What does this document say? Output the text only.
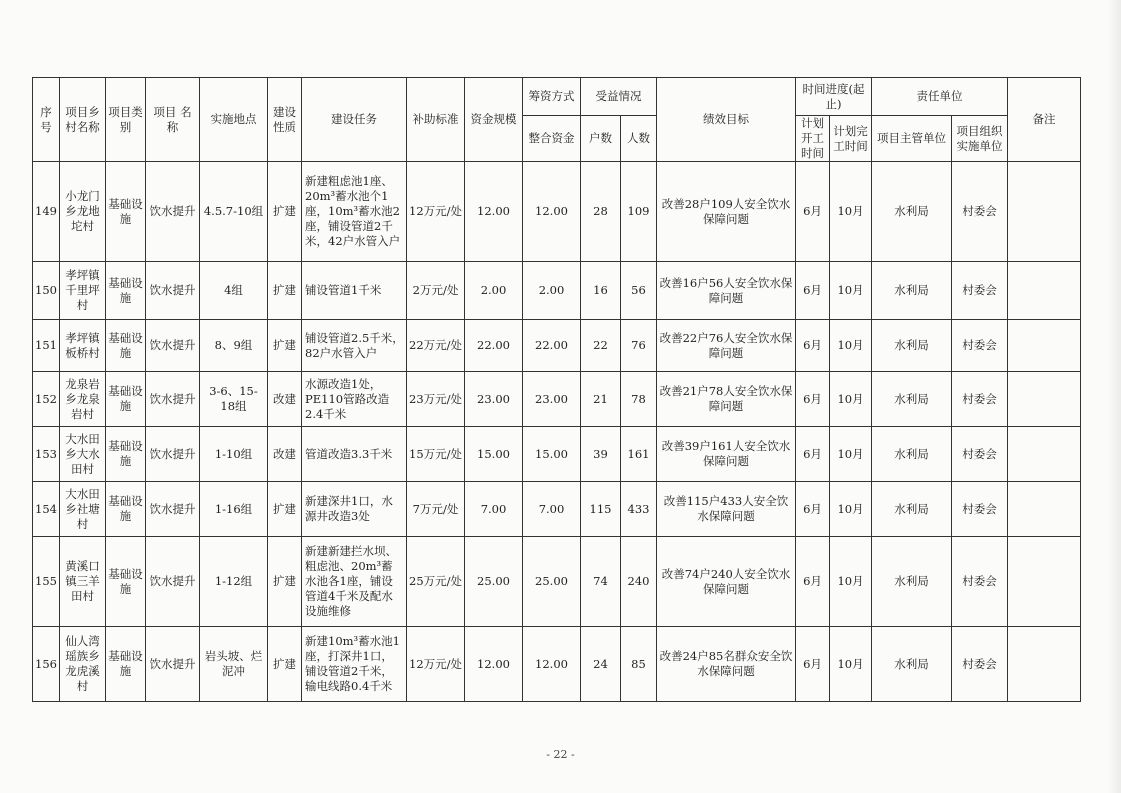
序号	项目乡村名称	项目类别	项目 名称	实施地点	建设性质	建设任务	补助标准	资金规模	筹资方式	受益情况		绩效目标	时间进度(起止)		责任单位		备注
									整合资金	户数	人数		计划开工时间	计划完工时间	项目主管单位	项目组织实施单位	
149	小龙门乡龙地坨村	基础设施	饮水提升	4.5.7-10组	扩建	新建粗虑池1座、20m³蓄水池个1座，10m³蓄水池2座，铺设管道2千米，42户水管入户	12万元/处	12.00	12.00	28	109	改善28户109人安全饮水保障问题	6月	10月	水利局	村委会	
150	孝坪镇千里坪村	基础设施	饮水提升	4组	扩建	铺设管道1千米	2万元/处	2.00	2.00	16	56	改善16户56人安全饮水保障问题	6月	10月	水利局	村委会	
151	孝坪镇板桥村	基础设施	饮水提升	8、9组	扩建	铺设管道2.5千米，82户水管入户	22万元/处	22.00	22.00	22	76	改善22户76人安全饮水保障问题	6月	10月	水利局	村委会	
152	龙泉岩乡龙泉岩村	基础设施	饮水提升	3-6、15-18组	改建	水源改造1处，PE110管路改造2.4千米	23万元/处	23.00	23.00	21	78	改善21户78人安全饮水保障问题	6月	10月	水利局	村委会	
153	大水田乡大水田村	基础设施	饮水提升	1-10组	改建	管道改造3.3千米	15万元/处	15.00	15.00	39	161	改善39户161人安全饮水保障问题	6月	10月	水利局	村委会	
154	大水田乡社塘村	基础设施	饮水提升	1-16组	扩建	新建深井1口，水源井改造3处	7万元/处	7.00	7.00	115	433	改善115户433人安全饮水保障问题	6月	10月	水利局	村委会	
155	黄溪口镇三羊田村	基础设施	饮水提升	1-12组	扩建	新建新建拦水坝、粗虑池、20m³蓄水池各1座，铺设管道4千米及配水设施维修	25万元/处	25.00	25.00	74	240	改善74户240人安全饮水保障问题	6月	10月	水利局	村委会	
156	仙人湾瑶族乡龙虎溪村	基础设施	饮水提升	岩头坡、烂泥冲	扩建	新建10m³蓄水池1座，打深井1口，铺设管道2千米，输电线路0.4千米	12万元/处	12.00	12.00	24	85	改善24户85名群众安全饮水保障问题	6月	10月	水利局	村委会	
- 22 -
